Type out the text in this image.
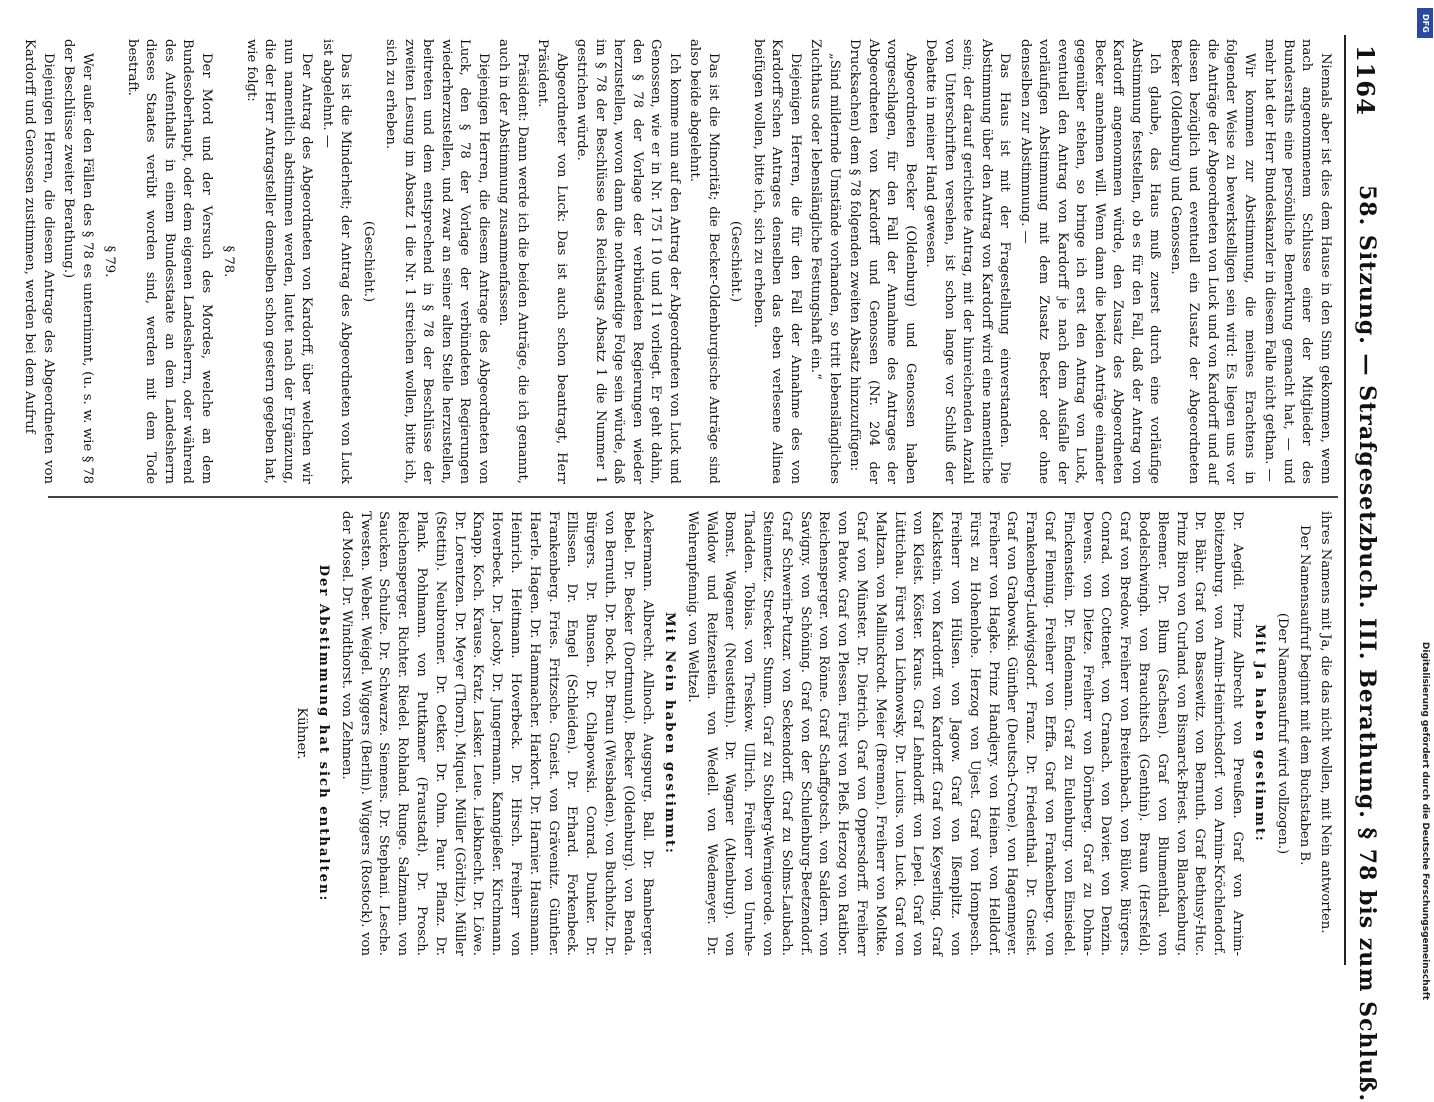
1164
58. Sitzung. — Strafgesetzbuch. III. Berathung. § 78 bis zum Schluß.

Niemals aber ist dies dem Hause in den Sinn gekommen, wenn nach angenommenem Schlusse einer der Mitglieder des Bundesraths eine persönliche Bemerkung gemacht hat, — und mehr hat der Herr Bundeskanzler in diesem Falle nicht gethan. —

Wir kommen zur Abstimmung, die meines Erachtens in folgender Weise zu bewerkstelligen sein wird: Es liegen uns vor die Anträge der Abgeordneten von Luck und von Kardorff und auf diesen bezüglich und eventuell ein Zusatz der Abgeordneten Becker (Oldenburg) und Genossen.

Ich glaube, das Haus muß zuerst durch eine vorläufige Abstimmung feststellen, ob es für den Fall, daß der Antrag von Kardorff angenommen würde, den Zusatz des Abgeordneten Becker annehmen will. Wenn dann die beiden Anträge einander gegenüber stehen, so bringe ich erst den Antrag von Luck, eventuell den Antrag von Kardorff je nach dem Ausfalle der vorläufigen Abstimmung mit dem Zusatz Becker oder ohne denselben zur Abstimmung. —

Das Haus ist mit der Fragestellung einverstanden. Die Abstimmung über den Antrag von Kardorff wird eine namentliche sein; der darauf gerichtete Antrag, mit der hinreichenden Anzahl von Unterschriften versehen, ist schon lange vor Schluß der Debatte in meiner Hand gewesen.

Abgeordneten Becker (Oldenburg) und Genossen haben vorgeschlagen, für den Fall der Annahme des Antrages der Abgeordneten von Kardorff und Genossen (Nr. 204 der Drucksachen) dem § 78 folgenden zweiten Absatz hinzuzufügen:

„Sind mildernde Umstände vorhanden, so tritt lebenslängliches Zuchthaus oder lebenslängliche Festungshaft ein.“

Diejenigen Herren, die für den Fall der Annahme des von Kardorff'schen Antrages denselben das eben verlesene Alinea beifügen wollen, bitte ich, sich zu erheben.

(Geschieht.)

Das ist die Minorität; die Becker-Oldenburgische Anträge sind also beide abgelehnt.

Ich komme nun auf den Antrag der Abgeordneten von Luck und Genossen, wie er in Nr. 175 I 10 und 11 vorliegt. Er geht dahin, den § 78 der Vorlage der verbündeten Regierungen wieder herzustellen, wovon dann die nothwendige Folge sein würde, daß im § 78 der Beschlüsse des Reichstags Absatz 1 die Nummer 1 gestrichen würde.

Abgeordneter von Luck: Das ist auch schon beantragt, Herr Präsident.

Präsident: Dann werde ich die beiden Anträge, die ich genannt, auch in der Abstimmung zusammenfassen.

Diejenigen Herren, die diesem Antrage des Abgeordneten von Luck, den § 78 der Vorlage der verbündeten Regierungen wiederherzustellen, und zwar an seiner alten Stelle herzustellen, beitreten und dem entsprechend in § 78 der Beschlüsse der zweiten Lesung im Absatz 1 die Nr. 1 streichen wollen, bitte ich, sich zu erheben.

(Geschieht.)

Das ist die Minderheit; der Antrag des Abgeordneten von Luck ist abgelehnt. —

Der Antrag des Abgeordneten von Kardorff, über welchen wir nun namentlich abstimmen werden, lautet nach der Ergänzung, die der Herr Antragsteller demselben schon gestern gegeben hat, wie folgt:

§ 78.

Der Mord und der Versuch des Mordes, welche an dem Bundesoberhaupt, oder dem eigenen Landesherrn, oder während des Aufenthalts in einem Bundesstaate an dem Landesherrn dieses Staates verübt worden sind, werden mit dem Tode bestraft.

§ 79.

Wer außer den Fällen des § 78 es unternimmt, (u. s. w. wie § 78 der Beschlüsse zweiter Berathung.)

Diejenigen Herren, die diesem Antrage des Abgeordneten von Kardorff und Genossen zustimmen, werden bei dem Aufruf

ihres Namens mit Ja, die das nicht wollen, mit Nein antworten.

Der Namensaufruf beginnt mit dem Buchstaben B.

(Der Namensaufruf wird vollzogen.)

Mit Ja haben gestimmt:

Dr. Aegidi. Prinz Albrecht von Preußen. Graf von Arnim-Boitzenburg. von Arnim-Heinrichsdorf. von Arnim-Kröchlendorf. Dr. Bähr. Graf von Bassewitz. von Bernuth. Graf Bethusy-Huc. Prinz Biron von Curland. von Bismarck-Briest. von Blanckenburg. Bleemer. Dr. Blum (Sachsen). Graf von Blumenthal. von Bodelschwingh. von Brauchitsch (Genthin). Braun (Hersfeld). Graf von Bredow. Freiherr von Breitenbach. von Bülow. Bürgers. Conrad. von Cottenet. von Cranach. von Davier. von Denzin. Devens. von Dietze. Freiherr von Dörnberg. Graf zu Dohna-Finckenstein. Dr. Endemann. Graf zu Eulenburg. von Einsiedel. Graf Fleming. Freiherr von Erffa. Graf von Frankenberg. von Frankenberg-Ludwigsdorf. Franz. Dr. Friedenthal. Dr. Gneist. Graf von Grabowski. Günther (Deutsch-Crone). von Hagenmeyer. Freiherr von Hagke. Prinz Handjery. von Heinen. von Helldorf. Fürst zu Hohenlohe. Herzog von Ujest. Graf von Hompesch. Freiherr von Hülsen. von Jagow. Graf von Ißenplitz. von Kalckstein. von Kardorff. von Kardorff. Graf von Keyserling. Graf von Kleist. Köster. Kraus. Graf Lehndorff. von Lepel. Graf von Lüttichau. Fürst von Lichnowsky. Dr. Lucius. von Luck. Graf von Maltzan. von Mallinckrodt. Meier (Bremen). Freiherr von Moltke. Graf von Münster. Dr. Dietrich. Graf von Oppersdorff. Freiherr von Patow. Graf von Plessen. Fürst von Pleß. Herzog von Ratibor. Reichensperger. von Rönne. Graf Schaffgotsch. von Saldern. von Savigny. von Schöning. Graf von der Schulenburg-Beetzendorf. Graf Schwerin-Putzar. von Seckendorff. Graf zu Solms-Laubach. Steinmetz. Strecker. Stumm. Graf zu Stolberg-Wernigerode. von Thadden. Tobias. von Treskow. Ullrich. Freiherr von Unruhe-Bomst. Wagener (Neustettin). Dr. Wagner (Altenburg). von Waldow und Reitzenstein. von Wedell. von Wedemeyer. Dr. Wehrenpfennig. von Weltzel.

Mit Nein haben gestimmt:

Ackermann. Albrecht. Allnoch. Augspurg. Ball. Dr. Bamberger. Bebel. Dr. Becker (Dortmund). Becker (Oldenburg). von Benda. von Bernuth. Dr. Bock. Dr. Braun (Wiesbaden). von Buchholtz. Dr. Bürgers. Dr. Bunsen. Dr. Chlapowski. Conrad. Dunker. Dr. Ellissen. Dr. Engel (Schleiden). Dr. Erhard. Forkenbeck. Frankenberg. Fries. Fritzsche. Gneist. von Grävenitz. Günther. Haerle. Hagen. Dr. Hammacher. Harkort. Dr. Harnier. Hausmann. Heinrich. Heitmann. Hoverbeck. Dr. Hirsch. Freiherr von Hoverbeck. Dr. Jacoby. Dr. Jungermann. Kanngießer. Kirchmann. Knapp. Koch. Krause. Kratz. Lasker. Leue. Liebknecht. Dr. Löwe. Dr. Lorentzen. Dr. Meyer (Thorn). Miquel. Müller (Görlitz). Müller (Stettin). Neubronner. Dr. Oetker. Dr. Ohm. Paur. Pflanz. Dr. Plank. Pohlmann. von Puttkamer (Fraustadt). Dr. Prosch. Reichensperger. Richter. Riedel. Rohland. Runge. Salzmann. von Saucken. Schulze. Dr. Schwarze. Siemens. Dr. Stephani. Lesche. Twesten. Weber. Weigel. Wiggers (Berlin). Wiggers (Rostock). von der Mosel. Dr. Windthorst. von Zehmen.

Der Abstimmung hat sich enthalten:

Kühner.

DFG
Digitalisierung gefördert durch die Deutsche Forschungsgemeinschaft
